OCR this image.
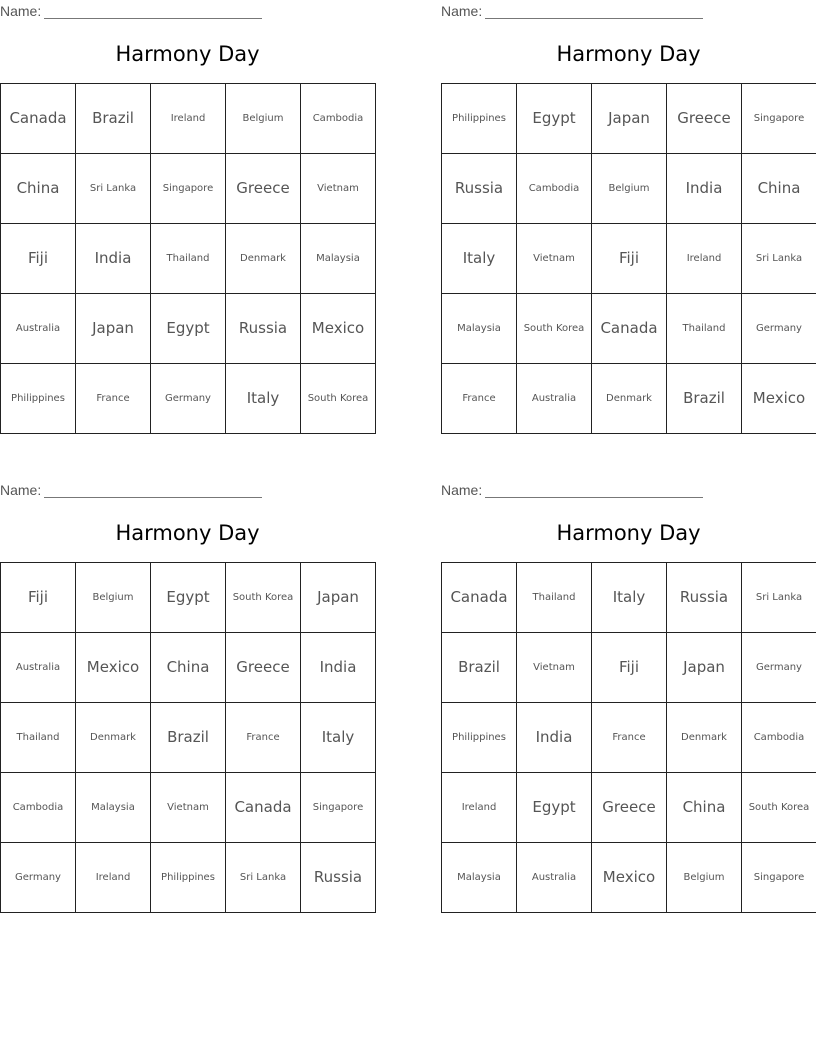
Name:
Harmony Day
Canada	Brazil	Ireland	Belgium	Cambodia
China	Sri Lanka	Singapore	Greece	Vietnam
Fiji	India	Thailand	Denmark	Malaysia
Australia	Japan	Egypt	Russia	Mexico
Philippines	France	Germany	Italy	South Korea
Name:
Harmony Day
Philippines	Egypt	Japan	Greece	Singapore
Russia	Cambodia	Belgium	India	China
Italy	Vietnam	Fiji	Ireland	Sri Lanka
Malaysia	South Korea	Canada	Thailand	Germany
France	Australia	Denmark	Brazil	Mexico
Name:
Harmony Day
Fiji	Belgium	Egypt	South Korea	Japan
Australia	Mexico	China	Greece	India
Thailand	Denmark	Brazil	France	Italy
Cambodia	Malaysia	Vietnam	Canada	Singapore
Germany	Ireland	Philippines	Sri Lanka	Russia
Name:
Harmony Day
Canada	Thailand	Italy	Russia	Sri Lanka
Brazil	Vietnam	Fiji	Japan	Germany
Philippines	India	France	Denmark	Cambodia
Ireland	Egypt	Greece	China	South Korea
Malaysia	Australia	Mexico	Belgium	Singapore
